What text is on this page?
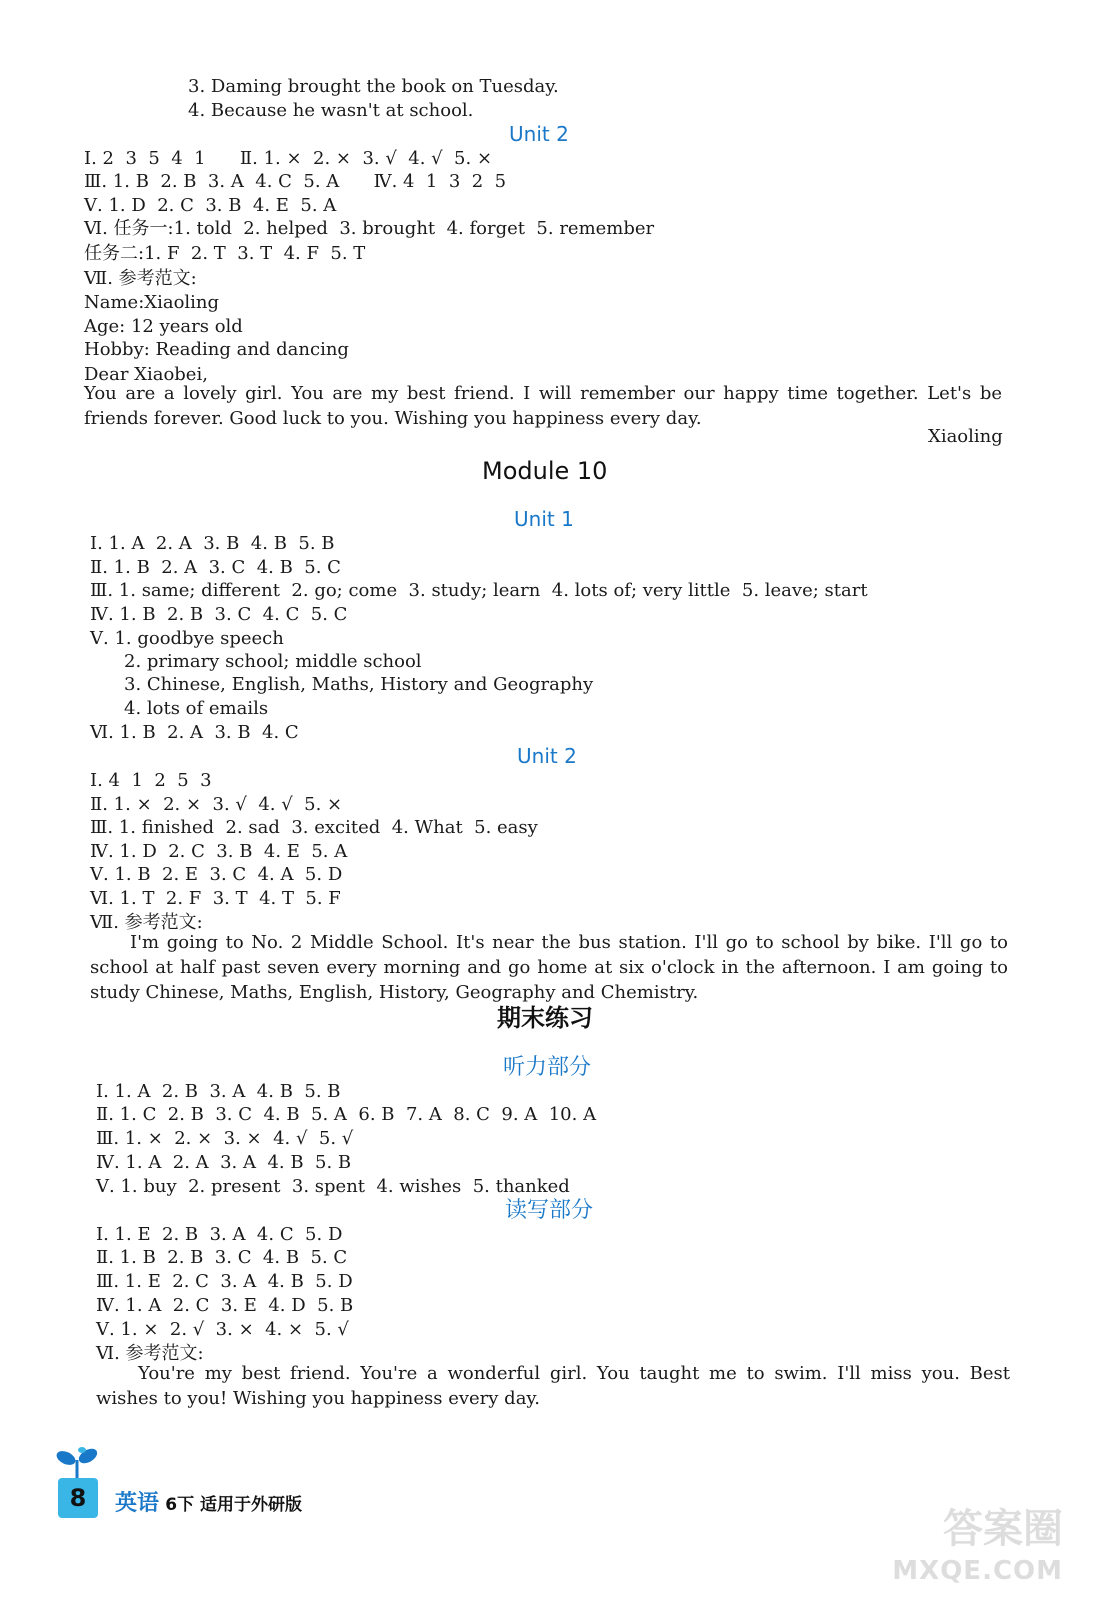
3. Daming brought the book on Tuesday.
4. Because he wasn't at school.
Unit 2
Ⅰ. 2  3  5  4  1      Ⅱ. 1. ×  2. ×  3. √  4. √  5. ×
Ⅲ. 1. B  2. B  3. A  4. C  5. A      Ⅳ. 4  1  3  2  5
Ⅴ. 1. D  2. C  3. B  4. E  5. A
Ⅵ. 任务一:1. told  2. helped  3. brought  4. forget  5. remember
任务二:1. F  2. T  3. T  4. F  5. T
Ⅶ. 参考范文:
Name:Xiaoling
Age: 12 years old
Hobby: Reading and dancing
Dear Xiaobei,
You are a lovely girl. You are my best friend. I will remember our happy time together. Let's be friends forever. Good luck to you. Wishing you happiness every day.
Xiaoling
Module 10
Unit 1
Ⅰ. 1. A  2. A  3. B  4. B  5. B
Ⅱ. 1. B  2. A  3. C  4. B  5. C
Ⅲ. 1. same; different  2. go; come  3. study; learn  4. lots of; very little  5. leave; start
Ⅳ. 1. B  2. B  3. C  4. C  5. C
Ⅴ. 1. goodbye speech
2. primary school; middle school
3. Chinese, English, Maths, History and Geography
4. lots of emails
Ⅵ. 1. B  2. A  3. B  4. C
Unit 2
Ⅰ. 4  1  2  5  3
Ⅱ. 1. ×  2. ×  3. √  4. √  5. ×
Ⅲ. 1. finished  2. sad  3. excited  4. What  5. easy
Ⅳ. 1. D  2. C  3. B  4. E  5. A
Ⅴ. 1. B  2. E  3. C  4. A  5. D
Ⅵ. 1. T  2. F  3. T  4. T  5. F
Ⅶ. 参考范文:
I'm going to No. 2 Middle School. It's near the bus station. I'll go to school by bike. I'll go to school at half past seven every morning and go home at six o'clock in the afternoon. I am going to study Chinese, Maths, English, History, Geography and Chemistry.
期末练习
听力部分
Ⅰ. 1. A  2. B  3. A  4. B  5. B
Ⅱ. 1. C  2. B  3. C  4. B  5. A  6. B  7. A  8. C  9. A  10. A
Ⅲ. 1. ×  2. ×  3. ×  4. √  5. √
Ⅳ. 1. A  2. A  3. A  4. B  5. B
Ⅴ. 1. buy  2. present  3. spent  4. wishes  5. thanked
读写部分
Ⅰ. 1. E  2. B  3. A  4. C  5. D
Ⅱ. 1. B  2. B  3. C  4. B  5. C
Ⅲ. 1. E  2. C  3. A  4. B  5. D
Ⅳ. 1. A  2. C  3. E  4. D  5. B
Ⅴ. 1. ×  2. √  3. ×  4. ×  5. √
Ⅵ. 参考范文:
You're my best friend. You're a wonderful girl. You taught me to swim. I'll miss you. Best wishes to you! Wishing you happiness every day.
8	英语 6下 适用于外研版
答案圈
MXQE.COM
